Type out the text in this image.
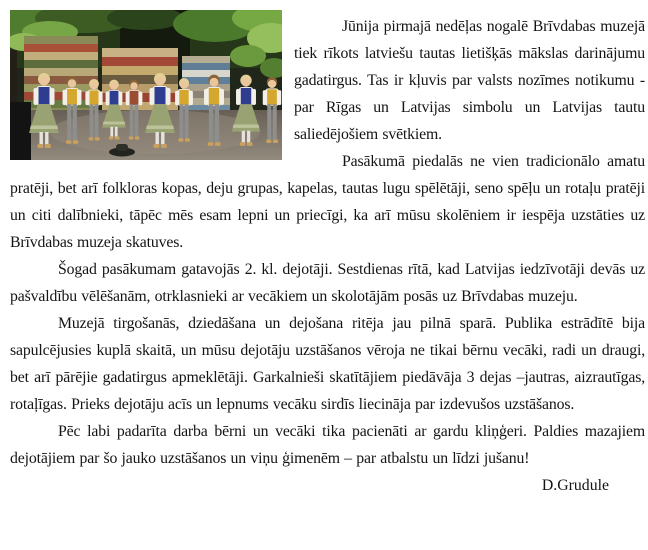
Jūnija pirmajā nedēļas nogalē Brīvdabas muzejā tiek rīkots latviešu tautas lietišķās mākslas darinājumu gadatirgus. Tas ir kļuvis par valsts nozīmes notikumu - par Rīgas un Latvijas simbolu un Latvijas tautu saliedējošiem svētkiem.

Pasākumā piedalās ne vien tradicionālo amatu pratēji, bet arī folkloras kopas, deju grupas, kapelas, tautas lugu spēlētāji, seno spēļu un rotaļu pratēji un citi dalībnieki, tāpēc mēs esam lepni un priecīgi, ka arī mūsu skolēniem ir iespēja uzstāties uz Brīvdabas muzeja skatuves.

Šogad pasākumam gatavojās 2. kl. dejotāji. Sestdienas rītā, kad Latvijas iedzīvotāji devās uz pašvaldību vēlēšanām, otrklasnieki ar vecākiem un skolotājām posās uz Brīvdabas muzeju.

Muzejā tirgošanās, dziedāšana un dejošana ritēja jau pilnā sparā. Publika estrādītē bija sapulcējusies kuplā skaitā, un mūsu dejotāju uzstāšanos vēroja ne tikai bērnu vecāki, radi un draugi, bet arī pārējie gadatirgus apmeklētāji. Garkalnieši skatītājiem piedāvāja 3 dejas –jautras, aizrautīgas, rotaļīgas. Prieks dejotāju acīs un lepnums vecāku sirdīs liecināja par izdevušos uzstāšanos.

Pēc labi padarīta darba bērni un vecāki tika pacienāti ar gardu kliņģeri. Paldies mazajiem dejotājiem par šo jauko uzstāšanos un viņu ģimenēm – par atbalstu un līdzi jušanu!

D.Grudule
